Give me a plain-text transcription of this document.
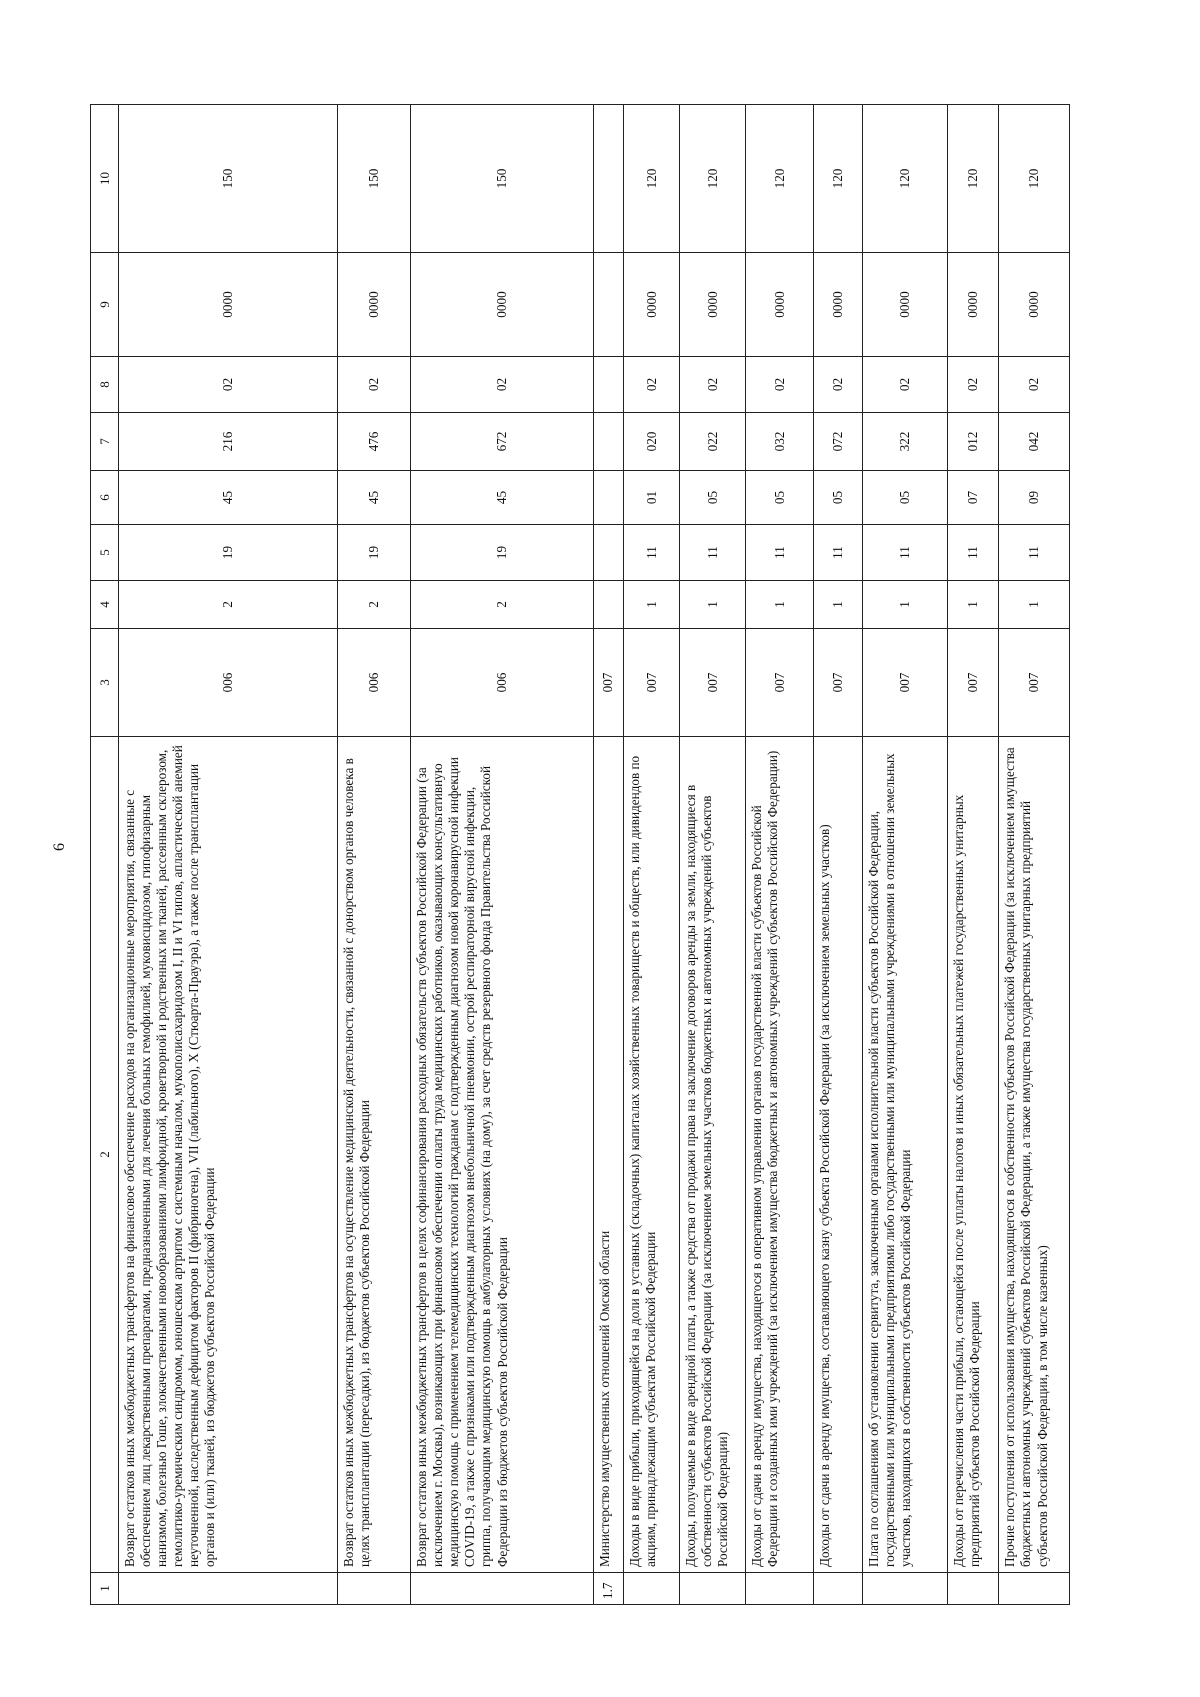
6
1	2	3	4	5	6	7	8	9	10
	Возврат остатков иных межбюджетных трансфертов на финансовое обеспечение расходов на организационные мероприятия, связанные с обеспечением лиц лекарственными препаратами, предназначенными для лечения больных гемофилией, муковисцидозом, гипофизарным нанизмом, болезнью Гоше, злокачественными новообразованиями лимфоидной, кроветворной и родственных им тканей, рассеянным склерозом, гемолитико-уремическим синдромом, юношеским артритом с системным началом, мукополисахаридозом I, II и VI типов, апластической анемией неуточненной, наследственным дефицитом факторов II (фибриногена), VII (лабильного), X (Стюарта-Прауэра), а также после трансплантации органов и (или) тканей, из бюджетов субъектов Российской Федерации	006	2	19	45	216	02	0000	150
	Возврат остатков иных межбюджетных трансфертов на осуществление медицинской деятельности, связанной с донорством органов человека в целях трансплантации (пересадки), из бюджетов субъектов Российской Федерации	006	2	19	45	476	02	0000	150
	Возврат остатков иных межбюджетных трансфертов в целях софинансирования расходных обязательств субъектов Российской Федерации (за исключением г. Москвы), возникающих при финансовом обеспечении оплаты труда медицинских работников, оказывающих консультативную медицинскую помощь с применением телемедицинских технологий гражданам с подтвержденным диагнозом новой коронавирусной инфекции COVID-19, а также с признаками или подтвержденным диагнозом внебольничной пневмонии, острой респираторной вирусной инфекции, гриппа, получающим медицинскую помощь в амбулаторных условиях (на дому), за счет средств резервного фонда Правительства Российской Федерации из бюджетов субъектов Российской Федерации	006	2	19	45	672	02	0000	150
1.7	Министерство имущественных отношений Омской области	007							
	Доходы в виде прибыли, приходящейся на доли в уставных (складочных) капиталах хозяйственных товариществ и обществ, или дивидендов по акциям, принадлежащим субъектам Российской Федерации	007	1	11	01	020	02	0000	120
	Доходы, получаемые в виде арендной платы, а также средства от продажи права на заключение договоров аренды за земли, находящиеся в собственности субъектов Российской Федерации (за исключением земельных участков бюджетных и автономных учреждений субъектов Российской Федерации)	007	1	11	05	022	02	0000	120
	Доходы от сдачи в аренду имущества, находящегося в оперативном управлении органов государственной власти субъектов Российской Федерации и созданных ими учреждений (за исключением имущества бюджетных и автономных учреждений субъектов Российской Федерации)	007	1	11	05	032	02	0000	120
	Доходы от сдачи в аренду имущества, составляющего казну субъекта Российской Федерации (за исключением земельных участков)	007	1	11	05	072	02	0000	120
	Плата по соглашениям об установлении сервитута, заключенным органами исполнительной власти субъектов Российской Федерации, государственными или муниципальными предприятиями либо государственными или муниципальными учреждениями в отношении земельных участков, находящихся в собственности субъектов Российской Федерации	007	1	11	05	322	02	0000	120
	Доходы от перечисления части прибыли, остающейся после уплаты налогов и иных обязательных платежей государственных унитарных предприятий субъектов Российской Федерации	007	1	11	07	012	02	0000	120
	Прочие поступления от использования имущества, находящегося в собственности субъектов Российской Федерации (за исключением имущества бюджетных и автономных учреждений субъектов Российской Федерации, а также имущества государственных унитарных предприятий субъектов Российской Федерации, в том числе казенных)	007	1	11	09	042	02	0000	120
